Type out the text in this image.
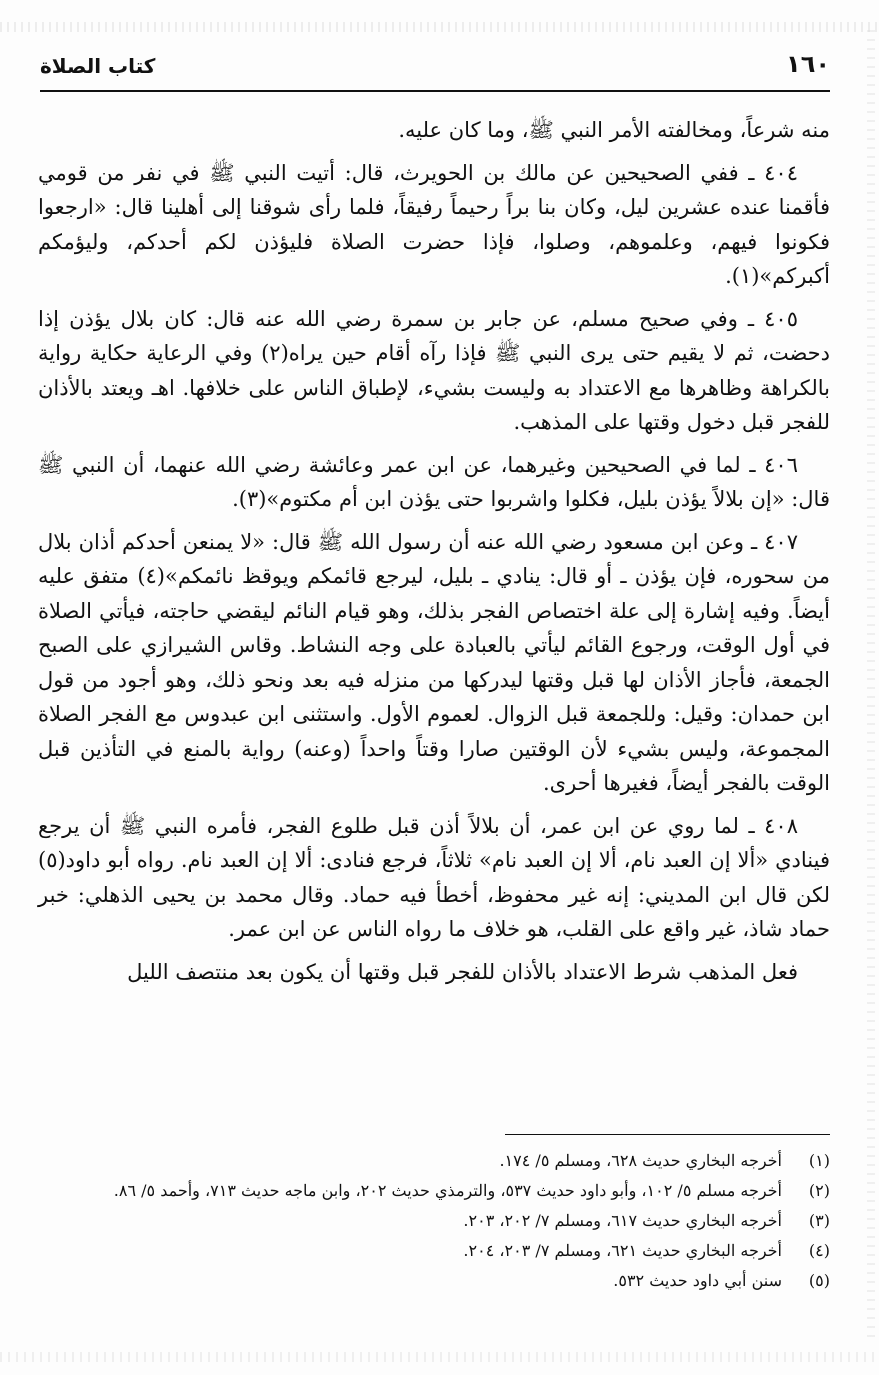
١٦٠
كتاب الصلاة

منه شرعاً، ومخالفته الأمر النبي ﷺ، وما كان عليه.

٤٠٤ ـ ففي الصحيحين عن مالك بن الحويرث، قال: أتيت النبي ﷺ في نفر من قومي فأقمنا عنده عشرين ليل، وكان بنا براً رحيماً رفيقاً، فلما رأى شوقنا إلى أهلينا قال: «ارجعوا فكونوا فيهم، وعلموهم، وصلوا، فإذا حضرت الصلاة فليؤذن لكم أحدكم، وليؤمكم أكبركم»(١).

٤٠٥ ـ وفي صحيح مسلم، عن جابر بن سمرة رضي الله عنه قال: كان بلال يؤذن إذا دحضت، ثم لا يقيم حتى يرى النبي ﷺ فإذا رآه أقام حين يراه(٢) وفي الرعاية حكاية رواية بالكراهة وظاهرها مع الاعتداد به وليست بشيء، لإطباق الناس على خلافها. اهـ ويعتد بالأذان للفجر قبل دخول وقتها على المذهب.

٤٠٦ ـ لما في الصحيحين وغيرهما، عن ابن عمر وعائشة رضي الله عنهما، أن النبي ﷺ قال: «إن بلالاً يؤذن بليل، فكلوا واشربوا حتى يؤذن ابن أم مكتوم»(٣).

٤٠٧ ـ وعن ابن مسعود رضي الله عنه أن رسول الله ﷺ قال: «لا يمنعن أحدكم أذان بلال من سحوره، فإن يؤذن ـ أو قال: ينادي ـ بليل، ليرجع قائمكم ويوقظ نائمكم»(٤) متفق عليه أيضاً. وفيه إشارة إلى علة اختصاص الفجر بذلك، وهو قيام النائم ليقضي حاجته، فيأتي الصلاة في أول الوقت، ورجوع القائم ليأتي بالعبادة على وجه النشاط. وقاس الشيرازي على الصبح الجمعة، فأجاز الأذان لها قبل وقتها ليدركها من منزله فيه بعد ونحو ذلك، وهو أجود من قول ابن حمدان: وقيل: وللجمعة قبل الزوال. لعموم الأول. واستثنى ابن عبدوس مع الفجر الصلاة المجموعة، وليس بشيء لأن الوقتين صارا وقتاً واحداً (وعنه) رواية بالمنع في التأذين قبل الوقت بالفجر أيضاً، فغيرها أحرى.

٤٠٨ ـ لما روي عن ابن عمر، أن بلالاً أذن قبل طلوع الفجر، فأمره النبي ﷺ أن يرجع فينادي «ألا إن العبد نام، ألا إن العبد نام» ثلاثاً، فرجع فنادى: ألا إن العبد نام. رواه أبو داود(٥) لكن قال ابن المديني: إنه غير محفوظ، أخطأ فيه حماد. وقال محمد بن يحيى الذهلي: خبر حماد شاذ، غير واقع على القلب، هو خلاف ما رواه الناس عن ابن عمر.

فعل المذهب شرط الاعتداد بالأذان للفجر قبل وقتها أن يكون بعد منتصف الليل

(١)
أخرجه البخاري حديث ٦٢٨، ومسلم ٥/ ١٧٤.
(٢)
أخرجه مسلم ٥/ ١٠٢، وأبو داود حديث ٥٣٧، والترمذي حديث ٢٠٢، وابن ماجه حديث ٧١٣، وأحمد ٥/ ٨٦.
(٣)
أخرجه البخاري حديث ٦١٧، ومسلم ٧/ ٢٠٢، ٢٠٣.
(٤)
أخرجه البخاري حديث ٦٢١، ومسلم ٧/ ٢٠٣، ٢٠٤.
(٥)
سنن أبي داود حديث ٥٣٢.
